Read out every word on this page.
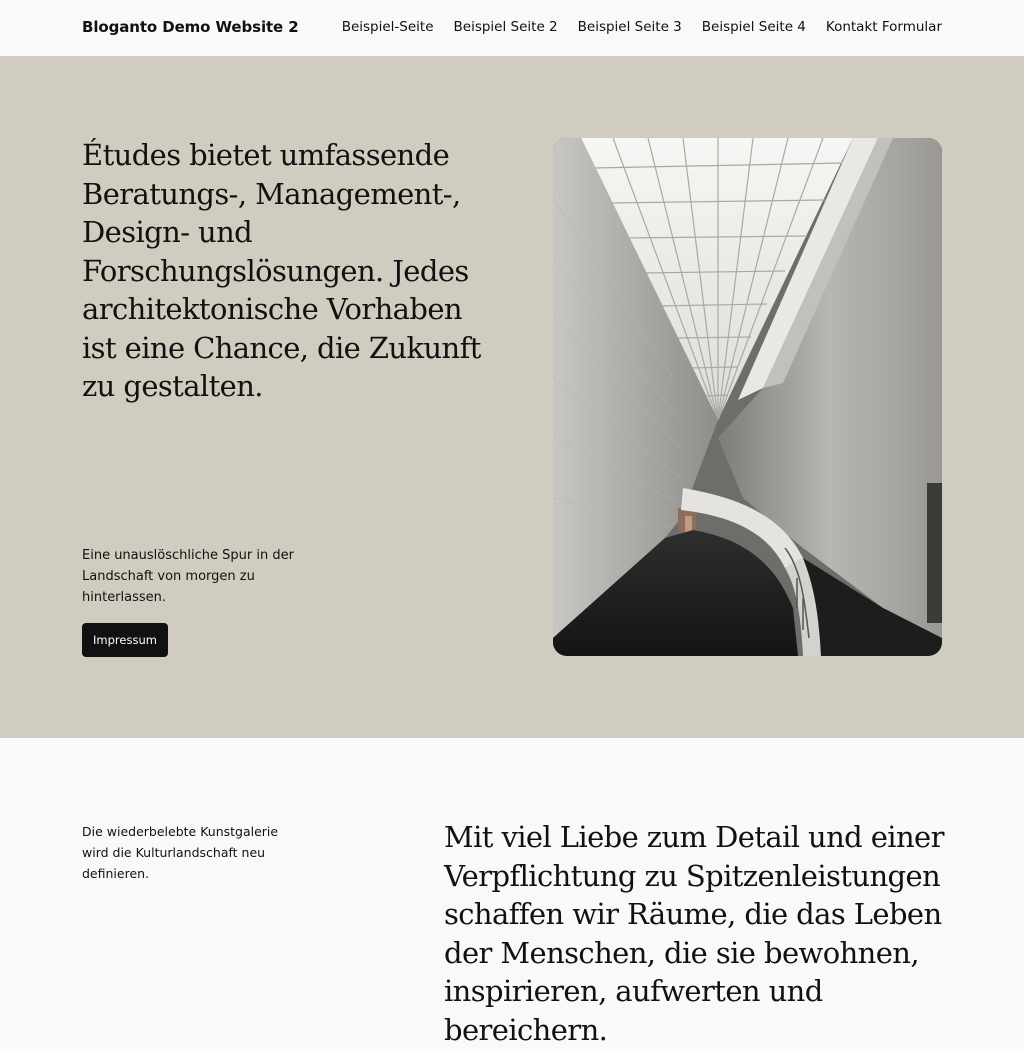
Bloganto Demo Website 2	Beispiel-Seite Beispiel Seite 2 Beispiel Seite 3 Beispiel Seite 4 Kontakt Formular
Études bietet umfassende Beratungs-, Management-, Design- und Forschungslösungen. Jedes architektonische Vorhaben ist eine Chance, die Zukunft zu gestalten.

Eine unauslöschliche Spur in der Landschaft von morgen zu hinterlassen.

Impressum

Die wiederbelebte Kunstgalerie wird die Kulturlandschaft neu definieren.

Mit viel Liebe zum Detail und einer Verpflichtung zu Spitzenleistungen schaffen wir Räume, die das Leben der Menschen, die sie bewohnen, inspirieren, aufwerten und bereichern.
